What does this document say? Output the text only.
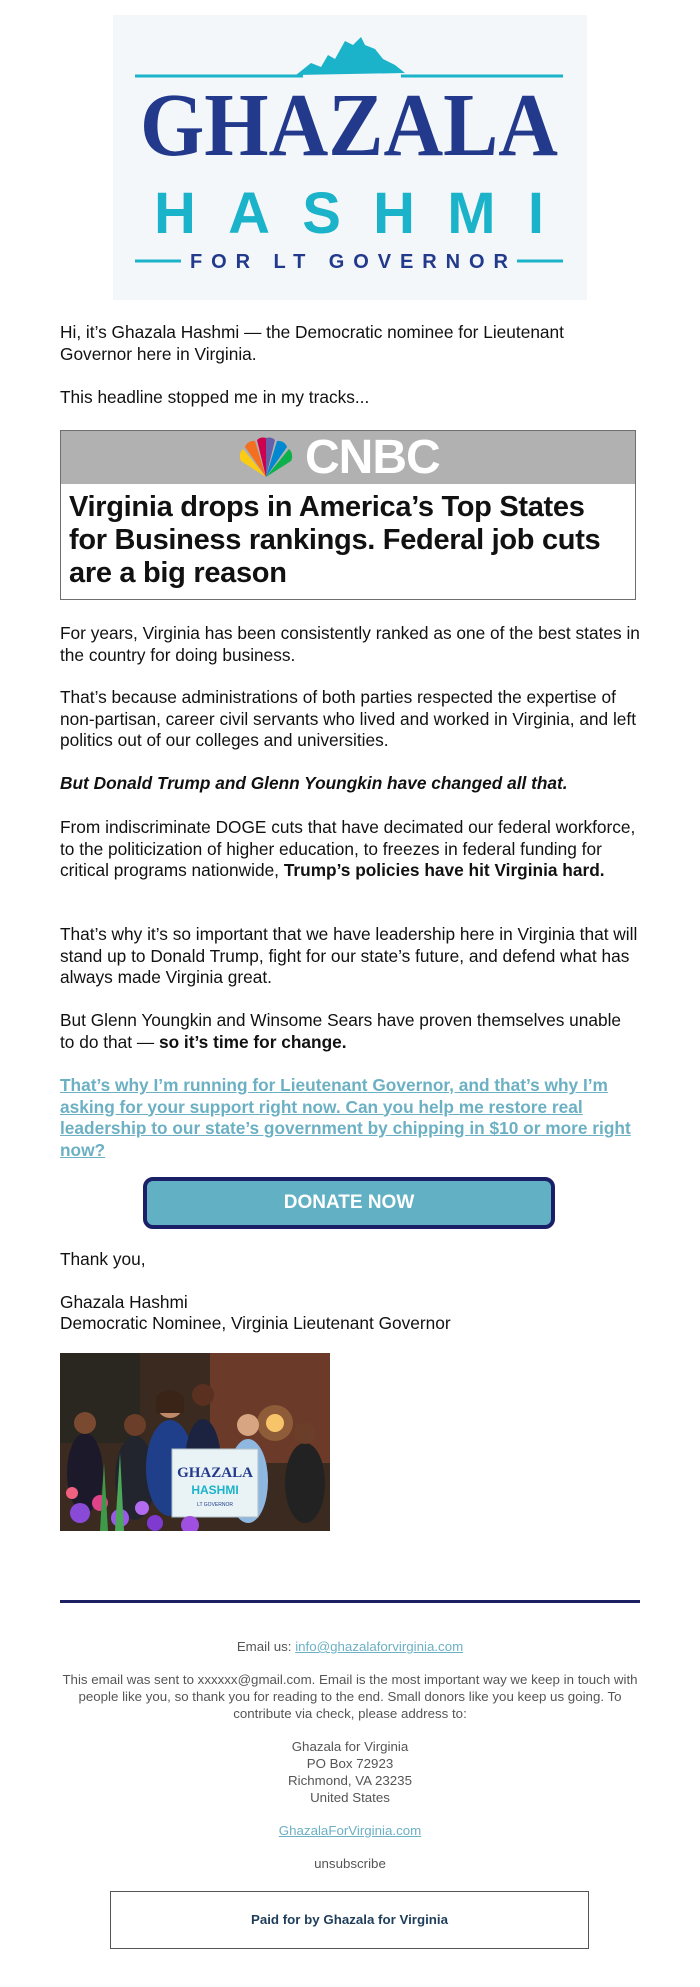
GHAZALA
HASHMI
FOR LT GOVERNOR
Hi, it’s Ghazala Hashmi — the Democratic nominee for Lieutenant Governor here in Virginia.
This headline stopped me in my tracks...
CNBC
Virginia drops in America’s Top States for Business rankings. Federal job cuts are a big reason
For years, Virginia has been consistently ranked as one of the best states in the country for doing business.
That’s because administrations of both parties respected the expertise of non-partisan, career civil servants who lived and worked in Virginia, and left politics out of our colleges and universities.
But Donald Trump and Glenn Youngkin have changed all that.
From indiscriminate DOGE cuts that have decimated our federal workforce, to the politicization of higher education, to freezes in federal funding for critical programs nationwide, Trump’s policies have hit Virginia hard.
That’s why it’s so important that we have leadership here in Virginia that will stand up to Donald Trump, fight for our state’s future, and defend what has always made Virginia great.
But Glenn Youngkin and Winsome Sears have proven themselves unable to do that — so it’s time for change.
That’s why I’m running for Lieutenant Governor, and that’s why I’m asking for your support right now. Can you help me restore real leadership to our state’s government by chipping in $10 or more right now?
DONATE NOW
Thank you,
Ghazala Hashmi
Democratic Nominee, Virginia Lieutenant Governor
GHAZALA
HASHMI
LT GOVERNOR
Email us: info@ghazalaforvirginia.com
This email was sent to xxxxxx@gmail.com. Email is the most important way we keep in touch with people like you, so thank you for reading to the end. Small donors like you keep us going. To contribute via check, please address to:
Ghazala for Virginia
PO Box 72923
Richmond, VA 23235
United States
GhazalaForVirginia.com
unsubscribe
Paid for by Ghazala for Virginia
